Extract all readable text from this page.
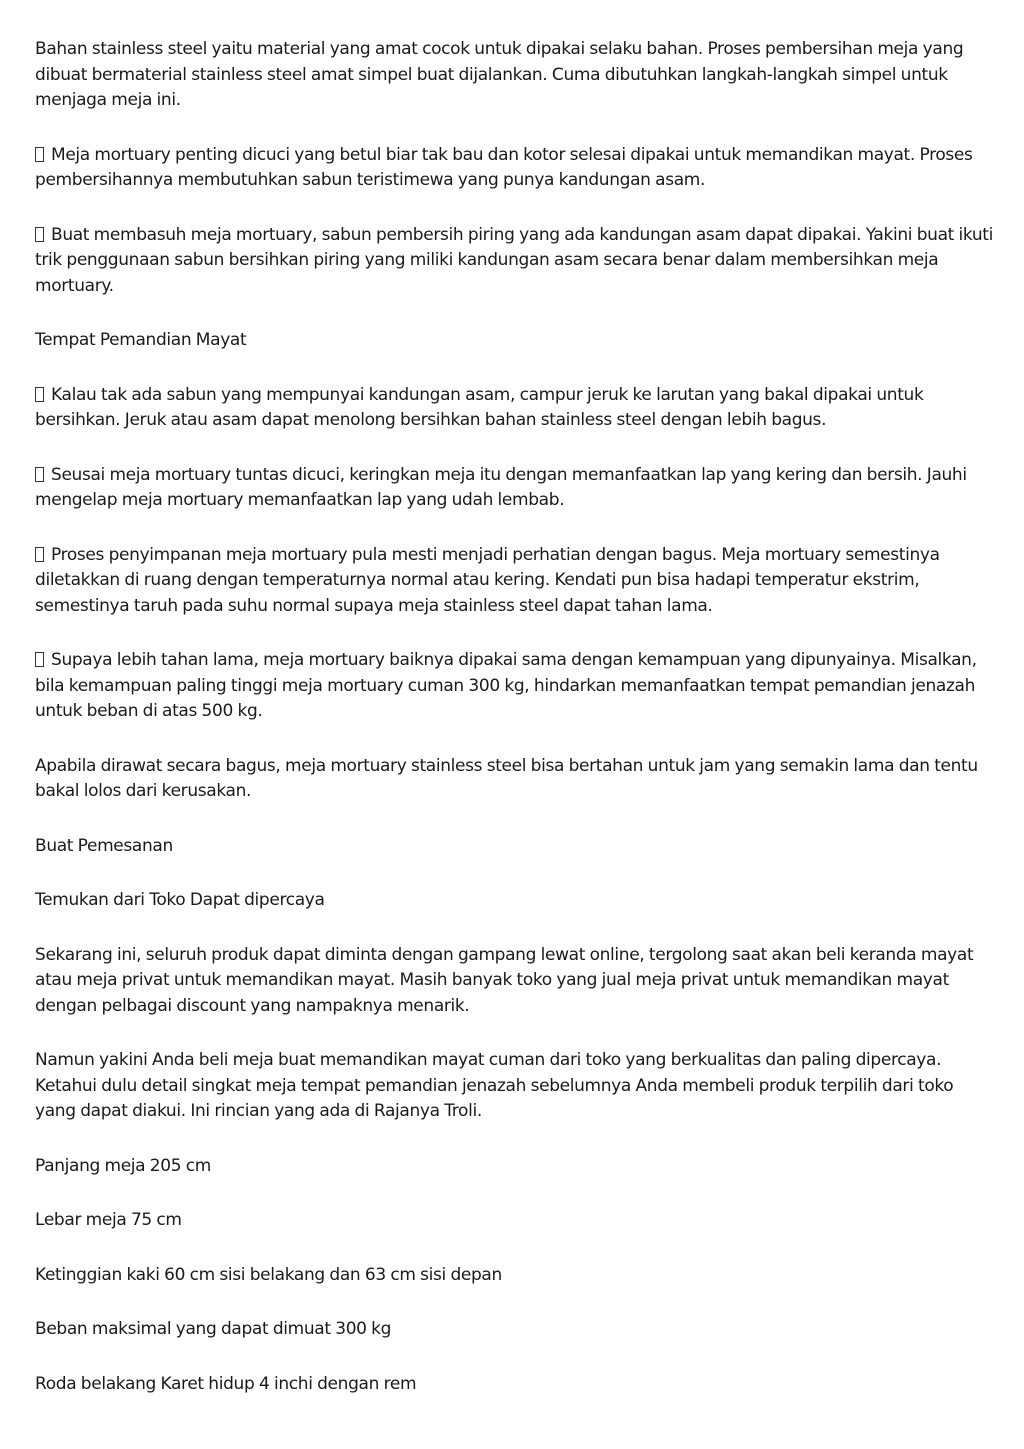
Bahan stainless steel yaitu material yang amat cocok untuk dipakai selaku bahan. Proses pembersihan meja yang dibuat bermaterial stainless steel amat simpel buat dijalankan. Cuma dibutuhkan langkah-langkah simpel untuk menjaga meja ini.

Meja mortuary penting dicuci yang betul biar tak bau dan kotor selesai dipakai untuk memandikan mayat. Proses pembersihannya membutuhkan sabun teristimewa yang punya kandungan asam.

Buat membasuh meja mortuary, sabun pembersih piring yang ada kandungan asam dapat dipakai. Yakini buat ikuti trik penggunaan sabun bersihkan piring yang miliki kandungan asam secara benar dalam membersihkan meja mortuary.

Tempat Pemandian Mayat

Kalau tak ada sabun yang mempunyai kandungan asam, campur jeruk ke larutan yang bakal dipakai untuk bersihkan. Jeruk atau asam dapat menolong bersihkan bahan stainless steel dengan lebih bagus.

Seusai meja mortuary tuntas dicuci, keringkan meja itu dengan memanfaatkan lap yang kering dan bersih. Jauhi mengelap meja mortuary memanfaatkan lap yang udah lembab.

Proses penyimpanan meja mortuary pula mesti menjadi perhatian dengan bagus. Meja mortuary semestinya diletakkan di ruang dengan temperaturnya normal atau kering. Kendati pun bisa hadapi temperatur ekstrim, semestinya taruh pada suhu normal supaya meja stainless steel dapat tahan lama.

Supaya lebih tahan lama, meja mortuary baiknya dipakai sama dengan kemampuan yang dipunyainya. Misalkan, bila kemampuan paling tinggi meja mortuary cuman 300 kg, hindarkan memanfaatkan tempat pemandian jenazah untuk beban di atas 500 kg.

Apabila dirawat secara bagus, meja mortuary stainless steel bisa bertahan untuk jam yang semakin lama dan tentu bakal lolos dari kerusakan.

Buat Pemesanan

Temukan dari Toko Dapat dipercaya

Sekarang ini, seluruh produk dapat diminta dengan gampang lewat online, tergolong saat akan beli keranda mayat atau meja privat untuk memandikan mayat. Masih banyak toko yang jual meja privat untuk memandikan mayat dengan pelbagai discount yang nampaknya menarik.

Namun yakini Anda beli meja buat memandikan mayat cuman dari toko yang berkualitas dan paling dipercaya. Ketahui dulu detail singkat meja tempat pemandian jenazah sebelumnya Anda membeli produk terpilih dari toko yang dapat diakui. Ini rincian yang ada di Rajanya Troli.

Panjang meja 205 cm

Lebar meja 75 cm

Ketinggian kaki 60 cm sisi belakang dan 63 cm sisi depan

Beban maksimal yang dapat dimuat 300 kg

Roda belakang Karet hidup 4 inchi dengan rem
